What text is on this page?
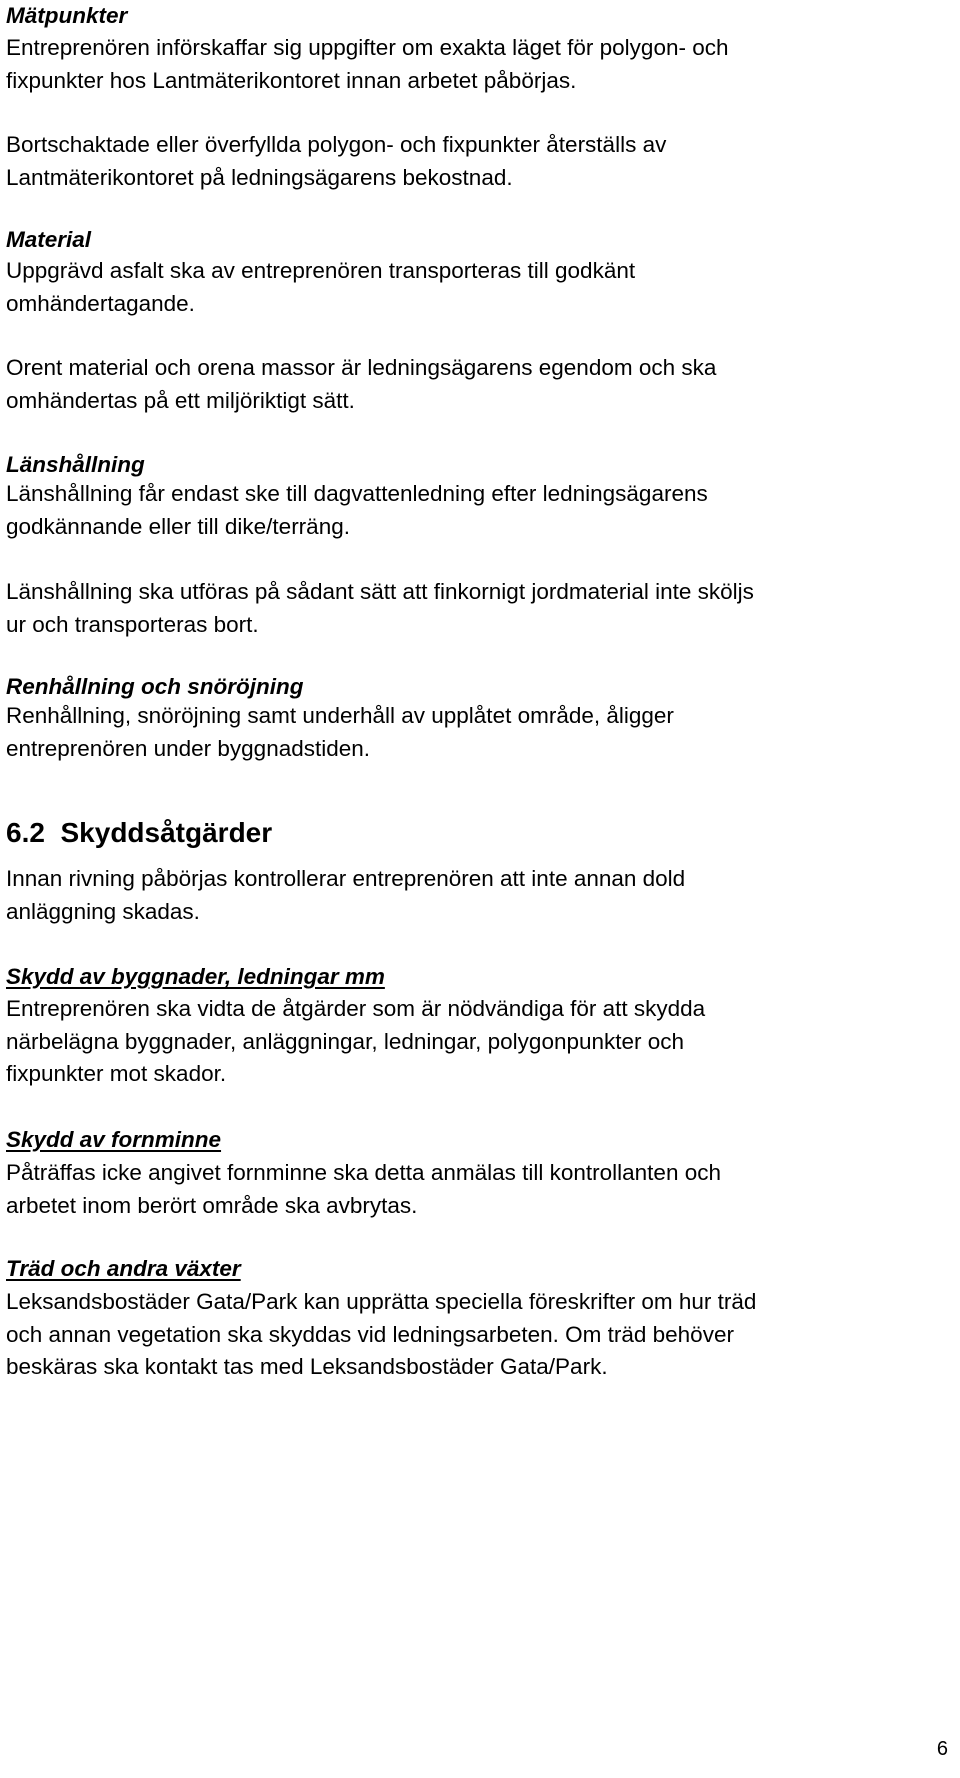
Mätpunkter
Entreprenören införskaffar sig uppgifter om exakta läget för polygon- och
fixpunkter hos Lantmäterikontoret innan arbetet påbörjas.
Bortschaktade eller överfyllda polygon- och fixpunkter återställs av
Lantmäterikontoret på ledningsägarens bekostnad.
Material
Uppgrävd asfalt ska av entreprenören transporteras till godkänt
omhändertagande.
Orent material och orena massor är ledningsägarens egendom och ska
omhändertas på ett miljöriktigt sätt.
Länshållning
Länshållning får endast ske till dagvattenledning efter ledningsägarens
godkännande eller till dike/terräng.
Länshållning ska utföras på sådant sätt att finkornigt jordmaterial inte sköljs
ur och transporteras bort.
Renhållning och snöröjning
Renhållning, snöröjning samt underhåll av upplåtet område, åligger
entreprenören under byggnadstiden.
6.2 Skyddsåtgärder
Innan rivning påbörjas kontrollerar entreprenören att inte annan dold
anläggning skadas.
Skydd av byggnader, ledningar mm
Entreprenören ska vidta de åtgärder som är nödvändiga för att skydda
närbelägna byggnader, anläggningar, ledningar, polygonpunkter och
fixpunkter mot skador.
Skydd av fornminne
Påträffas icke angivet fornminne ska detta anmälas till kontrollanten och
arbetet inom berört område ska avbrytas.
Träd och andra växter
Leksandsbostäder Gata/Park kan upprätta speciella föreskrifter om hur träd
och annan vegetation ska skyddas vid ledningsarbeten. Om träd behöver
beskäras ska kontakt tas med Leksandsbostäder Gata/Park.
6
